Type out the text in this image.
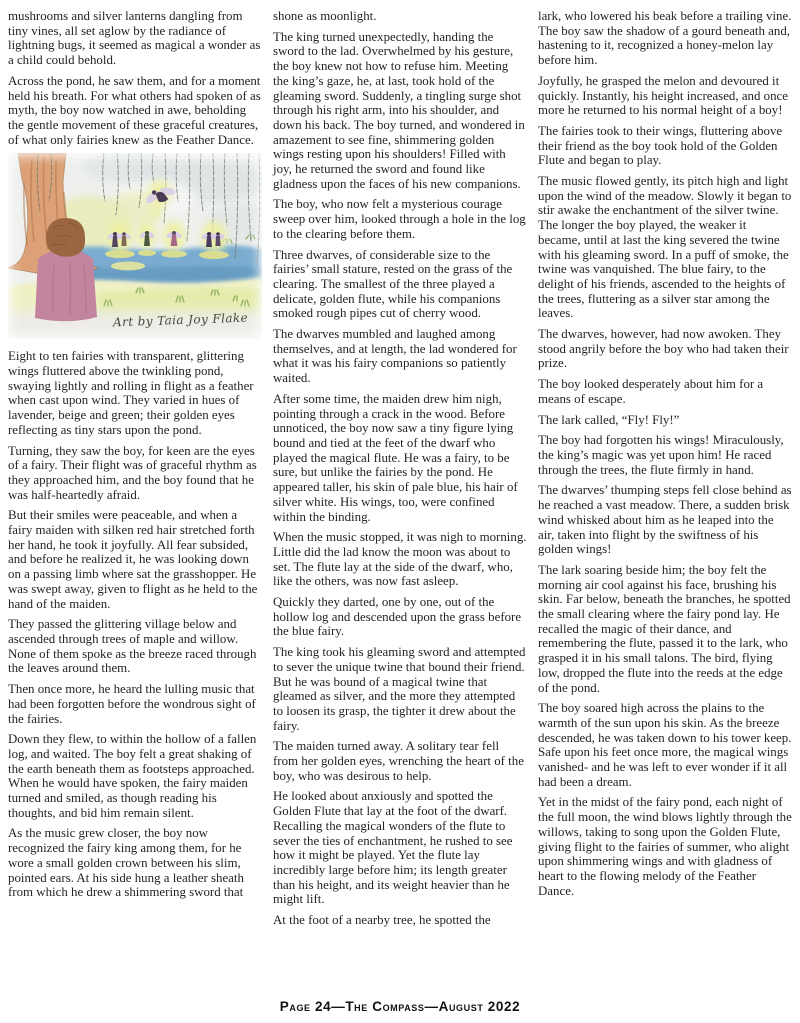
mushrooms and silver lanterns dangling from tiny vines, all set aglow by the radiance of lightning bugs, it seemed as magical a wonder as a child could behold.

Across the pond, he saw them, and for a moment held his breath. For what others had spoken of as myth, the boy now watched in awe, beholding the gentle movement of these graceful creatures, of what only fairies knew as the Feather Dance.

Art by Taia Joy Flake

Eight to ten fairies with transparent, glittering wings fluttered above the twinkling pond, swaying lightly and rolling in flight as a feather when cast upon wind. They varied in hues of lavender, beige and green; their golden eyes reflecting as tiny stars upon the pond.

Turning, they saw the boy, for keen are the eyes of a fairy. Their flight was of graceful rhythm as they approached him, and the boy found that he was half-heartedly afraid.

But their smiles were peaceable, and when a fairy maiden with silken red hair stretched forth her hand, he took it joyfully. All fear subsided, and before he realized it, he was looking down on a passing limb where sat the grasshopper. He was swept away, given to flight as he held to the hand of the maiden.

They passed the glittering village below and ascended through trees of maple and willow. None of them spoke as the breeze raced through the leaves around them.

Then once more, he heard the lulling music that had been forgotten before the wondrous sight of the fairies.

Down they flew, to within the hollow of a fallen log, and waited. The boy felt a great shaking of the earth beneath them as footsteps approached. When he would have spoken, the fairy maiden turned and smiled, as though reading his thoughts, and bid him remain silent.

As the music grew closer, the boy now recognized the fairy king among them, for he wore a small golden crown between his slim, pointed ears. At his side hung a leather sheath from which he drew a shimmering sword that

shone as moonlight.

The king turned unexpectedly, handing the sword to the lad. Overwhelmed by his gesture, the boy knew not how to refuse him. Meeting the king’s gaze, he, at last, took hold of the gleaming sword. Suddenly, a tingling surge shot through his right arm, into his shoulder, and down his back. The boy turned, and wondered in amazement to see fine, shimmering golden wings resting upon his shoulders! Filled with joy, he returned the sword and found like gladness upon the faces of his new companions.

The boy, who now felt a mysterious courage sweep over him, looked through a hole in the log to the clearing before them.

Three dwarves, of considerable size to the fairies’ small stature, rested on the grass of the clearing. The smallest of the three played a delicate, golden flute, while his companions smoked rough pipes cut of cherry wood.

The dwarves mumbled and laughed among themselves, and at length, the lad wondered for what it was his fairy companions so patiently waited.

After some time, the maiden drew him nigh, pointing through a crack in the wood. Before unnoticed, the boy now saw a tiny figure lying bound and tied at the feet of the dwarf who played the magical flute. He was a fairy, to be sure, but unlike the fairies by the pond. He appeared taller, his skin of pale blue, his hair of silver white. His wings, too, were confined within the binding.

When the music stopped, it was nigh to morning. Little did the lad know the moon was about to set. The flute lay at the side of the dwarf, who, like the others, was now fast asleep.

Quickly they darted, one by one, out of the hollow log and descended upon the grass before the blue fairy.

The king took his gleaming sword and attempted to sever the unique twine that bound their friend. But he was bound of a magical twine that gleamed as silver, and the more they attempted to loosen its grasp, the tighter it drew about the fairy.

The maiden turned away. A solitary tear fell from her golden eyes, wrenching the heart of the boy, who was desirous to help.

He looked about anxiously and spotted the Golden Flute that lay at the foot of the dwarf. Recalling the magical wonders of the flute to sever the ties of enchantment, he rushed to see how it might be played. Yet the flute lay incredibly large before him; its length greater than his height, and its weight heavier than he might lift.

At the foot of a nearby tree, he spotted the

lark, who lowered his beak before a trailing vine. The boy saw the shadow of a gourd beneath and, hastening to it, recognized a honey-melon lay before him.

Joyfully, he grasped the melon and devoured it quickly. Instantly, his height increased, and once more he returned to his normal height of a boy!

The fairies took to their wings, fluttering above their friend as the boy took hold of the Golden Flute and began to play.

The music flowed gently, its pitch high and light upon the wind of the meadow. Slowly it began to stir awake the enchantment of the silver twine. The longer the boy played, the weaker it became, until at last the king severed the twine with his gleaming sword. In a puff of smoke, the twine was vanquished. The blue fairy, to the delight of his friends, ascended to the heights of the trees, fluttering as a silver star among the leaves.

The dwarves, however, had now awoken. They stood angrily before the boy who had taken their prize.

The boy looked desperately about him for a means of escape.

The lark called, “Fly! Fly!”

The boy had forgotten his wings! Miraculously, the king’s magic was yet upon him! He raced through the trees, the flute firmly in hand.

The dwarves’ thumping steps fell close behind as he reached a vast meadow. There, a sudden brisk wind whisked about him as he leaped into the air, taken into flight by the swiftness of his golden wings!

The lark soaring beside him; the boy felt the morning air cool against his face, brushing his skin. Far below, beneath the branches, he spotted the small clearing where the fairy pond lay. He recalled the magic of their dance, and remembering the flute, passed it to the lark, who grasped it in his small talons. The bird, flying low, dropped the flute into the reeds at the edge of the pond.

The boy soared high across the plains to the warmth of the sun upon his skin. As the breeze descended, he was taken down to his tower keep. Safe upon his feet once more, the magical wings vanished- and he was left to ever wonder if it all had been a dream.

Yet in the midst of the fairy pond, each night of the full moon, the wind blows lightly through the willows, taking to song upon the Golden Flute, giving flight to the fairies of summer, who alight upon shimmering wings and with gladness of heart to the flowing melody of the Feather Dance.

Page 24—The Compass—August 2022
